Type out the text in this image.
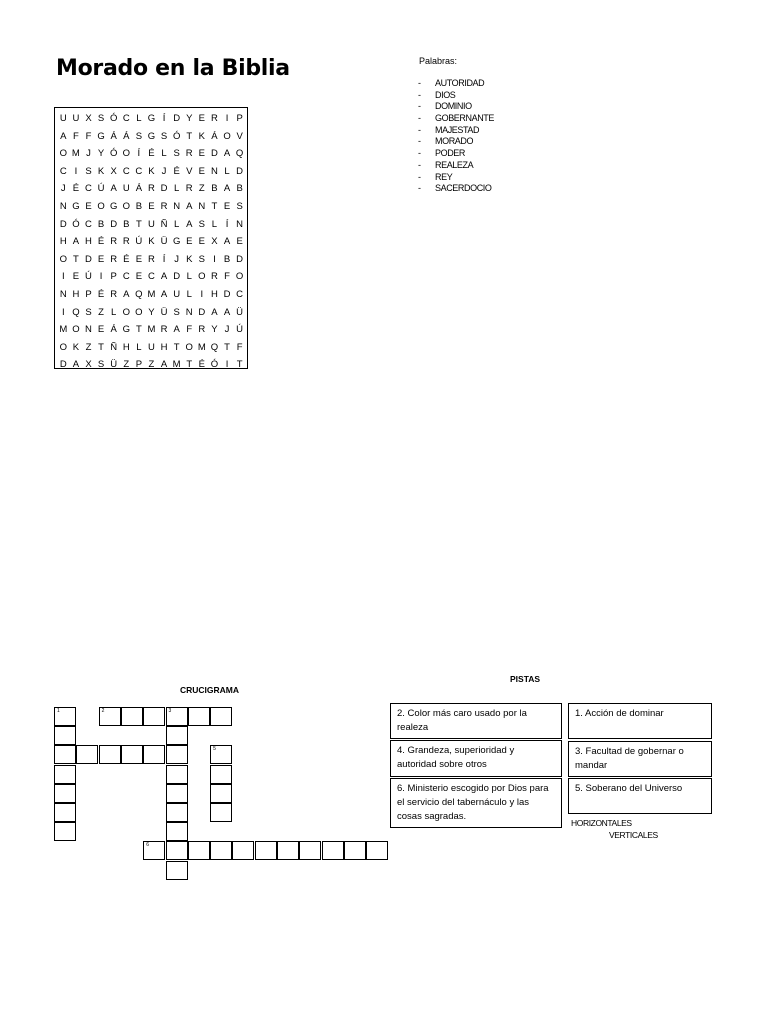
Morado en la Biblia
U U X S Ó C L G Í D Y E R I P
A F F G Á Á S G S Ó T K Á O V
O M J Y Ó O Í É L S R E D A Q
C I S K X C C K J É V E N L D
J É C Ú A U Á R D L R Z B A B
N G E O G O B E R N A N T E S
D Ó C B D B T U Ñ L A S L Í N
H A H É R R Ú K Ü G E E X A E
O T D E R É E R Í J K S I B D
I E Ú I P C E C A D L O R F O
N H P É R A Q M A U L I H D C
I Q S Z L O O Y Ü S N D A A Ü
M O N E Á G T M R A F R Y J Ú
O K Z T Ñ H L U H T O M Q T F
D A X S Ü Z P Z A M T É Ó I T
Palabras:
-	AUTORIDAD
-	DIOS
-	DOMINIO
-	GOBERNANTE
-	MAJESTAD
-	MORADO
-	PODER
-	REALEZA
-	REY
-	SACERDOCIO
CRUCIGRAMA
1	2	3
5
6
PISTAS
2. Color más caro usado por la realeza
1. Acción de dominar
4. Grandeza, superioridad y autoridad sobre otros
3. Facultad de gobernar o mandar
6. Ministerio escogido por Dios para el servicio del tabernáculo y las cosas sagradas.
5. Soberano del Universo
HORIZONTALES
VERTICALES
